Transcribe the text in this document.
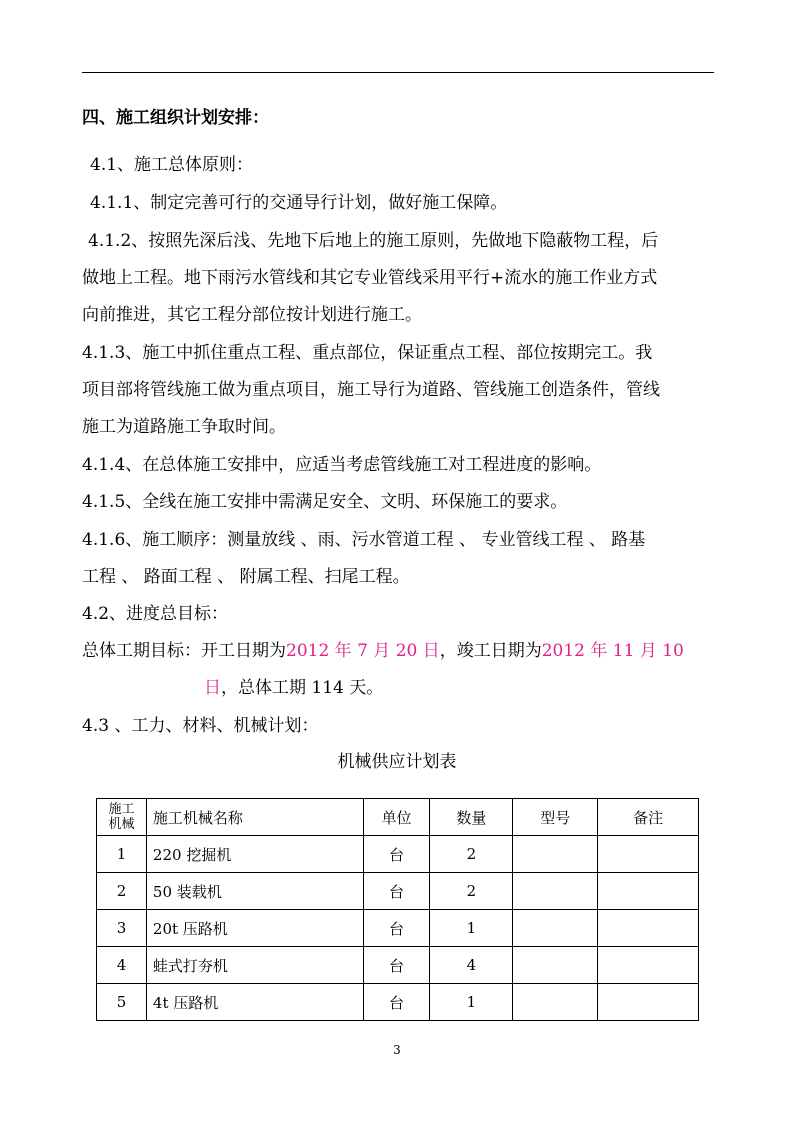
四、施工组织计划安排：
4.1、施工总体原则：
4.1.1、制定完善可行的交通导行计划，做好施工保障。
4.1.2、按照先深后浅、先地下后地上的施工原则，先做地下隐蔽物工程，后
做地上工程。地下雨污水管线和其它专业管线采用平行+流水的施工作业方式
向前推进，其它工程分部位按计划进行施工。
4.1.3、施工中抓住重点工程、重点部位，保证重点工程、部位按期完工。我
项目部将管线施工做为重点项目，施工导行为道路、管线施工创造条件，管线
施工为道路施工争取时间。
4.1.4、在总体施工安排中，应适当考虑管线施工对工程进度的影响。
4.1.5、全线在施工安排中需满足安全、文明、环保施工的要求。
4.1.6、施工顺序：测量放线 、雨、污水管道工程 、 专业管线工程 、 路基
工程 、 路面工程 、 附属工程、扫尾工程。
4.2、进度总目标：
总体工期目标：开工日期为2012 年 7 月 20 日，竣工日期为2012 年 11 月 10
日，总体工期 114 天。
4.3 、工力、材料、机械计划：
机械供应计划表
施工
机械	施工机械名称	单位	数量	型号	备注
1	220 挖掘机	台	2		
2	50 装载机	台	2		
3	20t 压路机	台	1		
4	蛙式打夯机	台	4		
5	4t 压路机	台	1		
3
